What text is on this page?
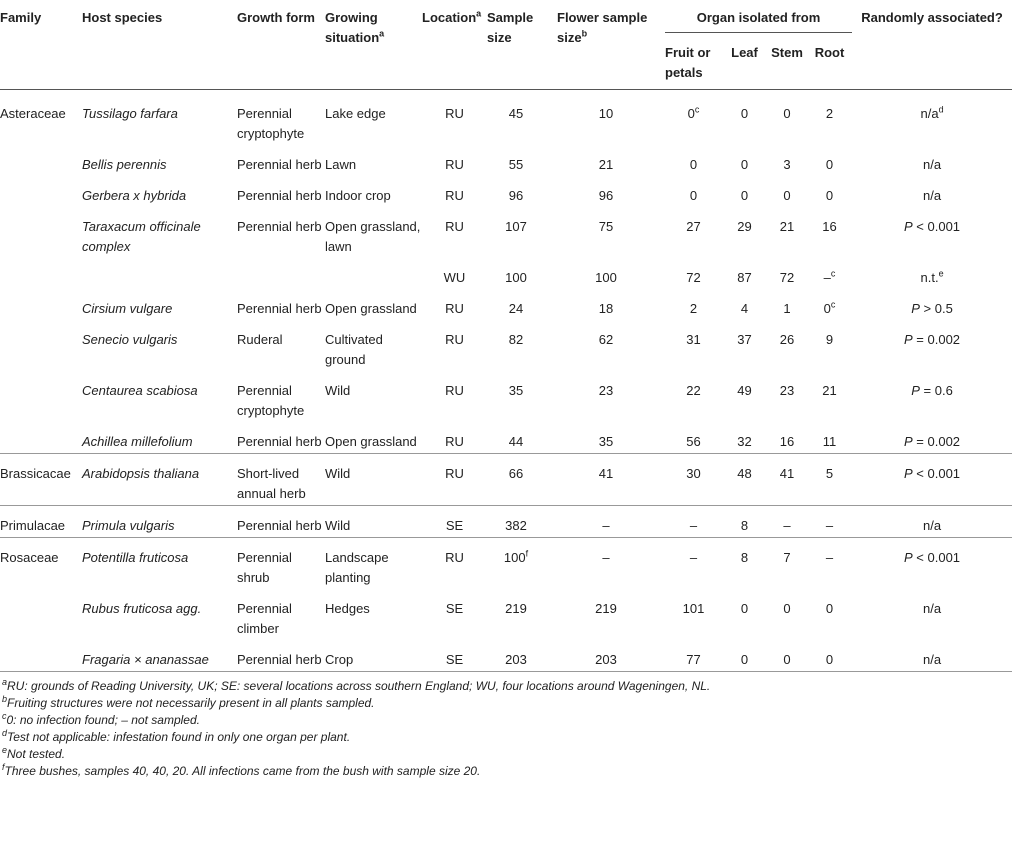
Family	Host species	Growth form	Growing situation$^a$	Location$^a$	Sample size	Flower sample size$^b$	Organ isolated from				Randomly associated?
							Fruit or petals	Leaf	Stem	Root	
Asteraceae	Tussilago farfara	Perennial cryptophyte	Lake edge	RU	45	10	0$^c$	0	0	2	$n/a^d$
	Bellis perennis	Perennial herb	Lawn	RU	55	21	0	0	3	0	n/a
	Gerbera x hybrida	Perennial herb	Indoor crop	RU	96	96	0	0	0	0	n/a
	Taraxacum officinale complex	Perennial herb	Open grassland, lawn	RU	107	75	27	29	21	16	P < 0.001
				WU	100	100	72	87	72	–$^c$	n.t.$^e$
	Cirsium vulgare	Perennial herb	Open grassland	RU	24	18	2	4	1	0$^c$	P > 0.5
	Senecio vulgaris	Ruderal	Cultivated ground	RU	82	62	31	37	26	9	P = 0.002
	Centaurea scabiosa	Perennial cryptophyte	Wild	RU	35	23	22	49	23	21	P = 0.6
	Achillea millefolium	Perennial herb	Open grassland	RU	44	35	56	32	16	11	P = 0.002
Brassicacae	Arabidopsis thaliana	Short-lived annual herb	Wild	RU	66	41	30	48	41	5	P < 0.001
Primulacae	Primula vulgaris	Perennial herb	Wild	SE	382	–	–	8	–	–	n/a
Rosaceae	Potentilla fruticosa	Perennial shrub	Landscape planting	RU	100$^f$	–	–	8	7	–	P < 0.001
	Rubus fruticosa agg.	Perennial climber	Hedges	SE	219	219	101	0	0	0	n/a
	Fragaria × ananassae	Perennial herb	Crop	SE	203	203	77	0	0	0	n/a
$^a$RU: grounds of Reading University, UK; SE: several locations across southern England; WU, four locations around Wageningen, NL.
$^b$Fruiting structures were not necessarily present in all plants sampled.
$^c$0: no infection found; – not sampled.
$^d$Test not applicable: infestation found in only one organ per plant.
$^e$Not tested.
$^f$Three bushes, samples 40, 40, 20. All infections came from the bush with sample size 20.
